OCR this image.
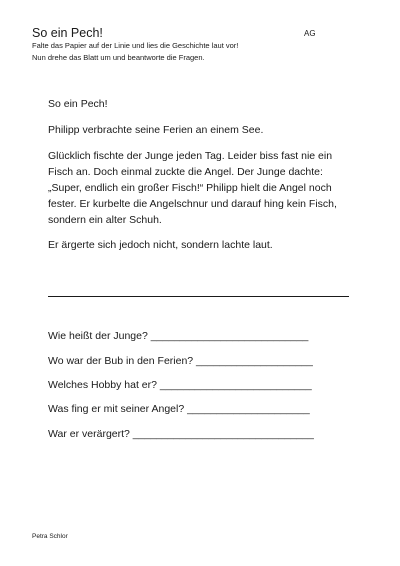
So ein Pech!	AG
Falte das Papier auf der Linie und lies die Geschichte laut vor!
Nun drehe das Blatt um und beantworte die Fragen.
So ein Pech!
Philipp verbrachte seine Ferien an einem See.

Glücklich fischte der Junge jeden Tag. Leider biss fast nie ein

Fisch an. Doch einmal zuckte die Angel. Der Junge dachte:

„Super, endlich ein großer Fisch!“ Philipp hielt die Angel noch

fester. Er kurbelte die Angelschnur und darauf hing kein Fisch,

sondern ein alter Schuh.

Er ärgerte sich jedoch nicht, sondern lachte laut.
Wie heißt der Junge? ___________________________
Wo war der Bub in den Ferien? ____________________
Welches Hobby hat er? __________________________
Was fing er mit seiner Angel? _____________________
War er verärgert? _______________________________
Petra Schlor
